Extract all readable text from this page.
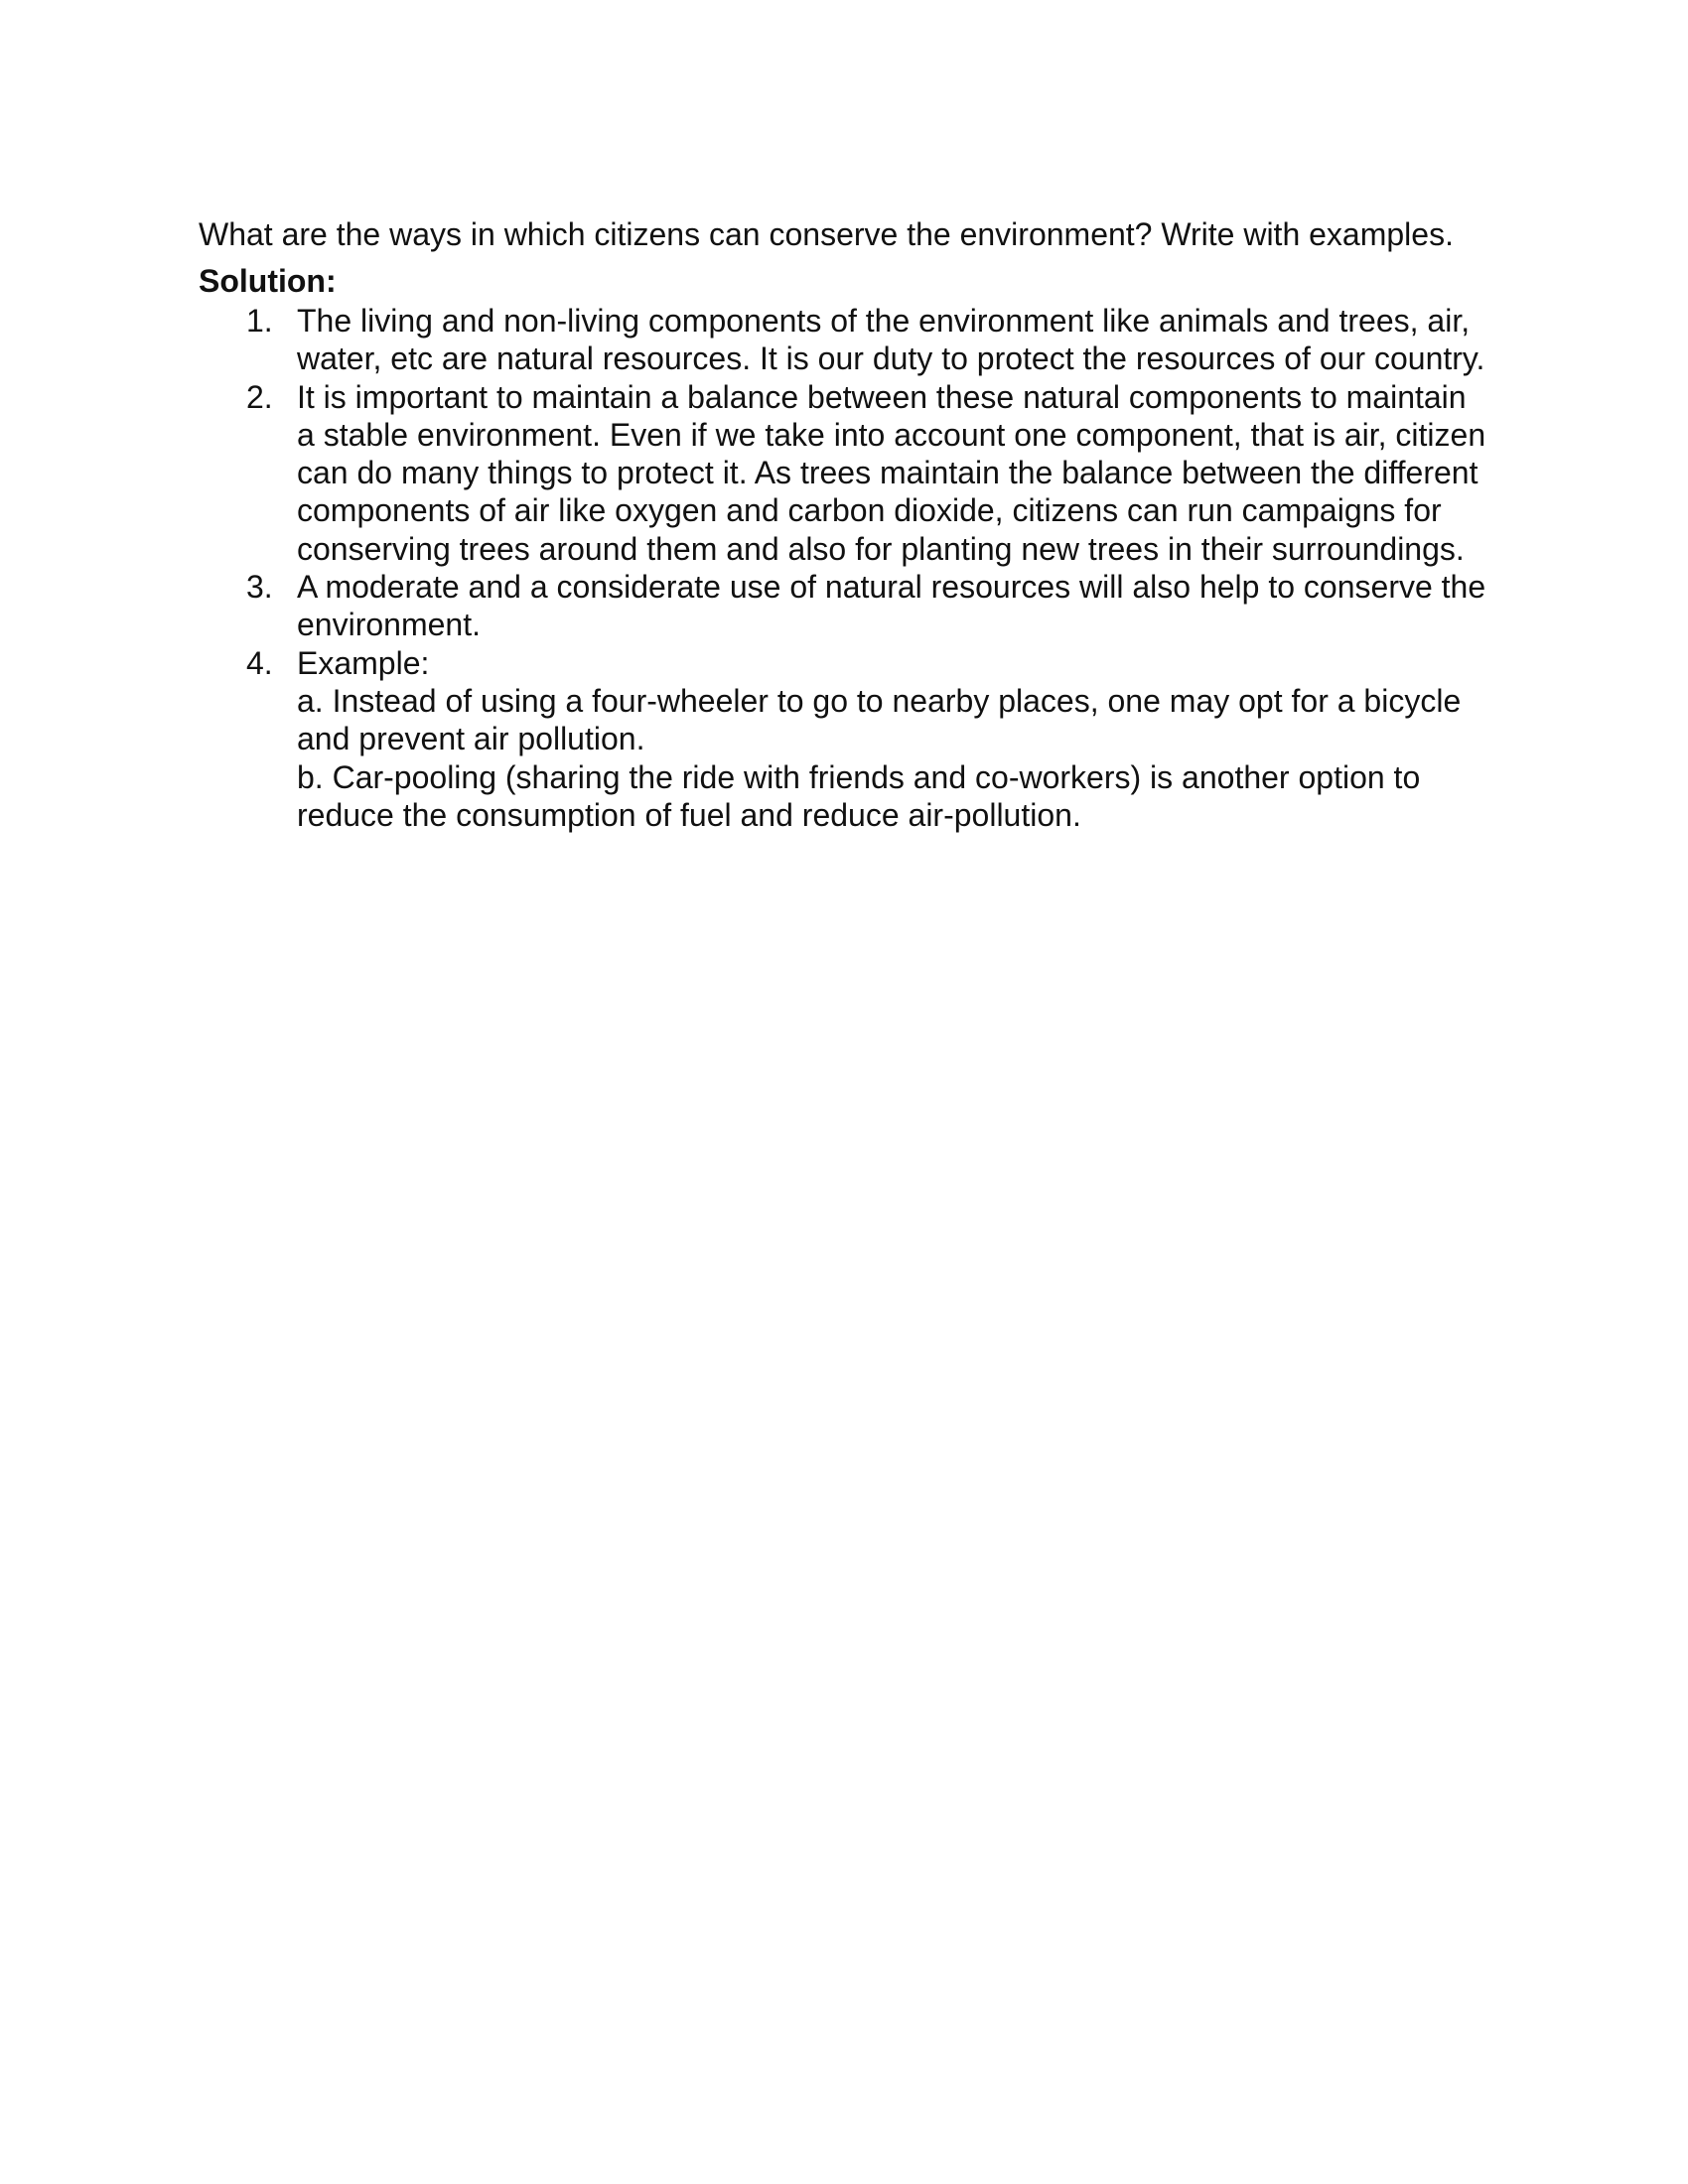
What are the ways in which citizens can conserve the environment? Write with examples.

Solution:

1. The living and non-living components of the environment like animals and trees, air, water, etc are natural resources. It is our duty to protect the resources of our country.
2. It is important to maintain a balance between these natural components to maintain a stable environment. Even if we take into account one component, that is air, citizen can do many things to protect it. As trees maintain the balance between the different components of air like oxygen and carbon dioxide, citizens can run campaigns for conserving trees around them and also for planting new trees in their surroundings.
3. A moderate and a considerate use of natural resources will also help to conserve the environment.
4. Example:
a. Instead of using a four-wheeler to go to nearby places, one may opt for a bicycle and prevent air pollution.
b. Car-pooling (sharing the ride with friends and co-workers) is another option to reduce the consumption of fuel and reduce air-pollution.
